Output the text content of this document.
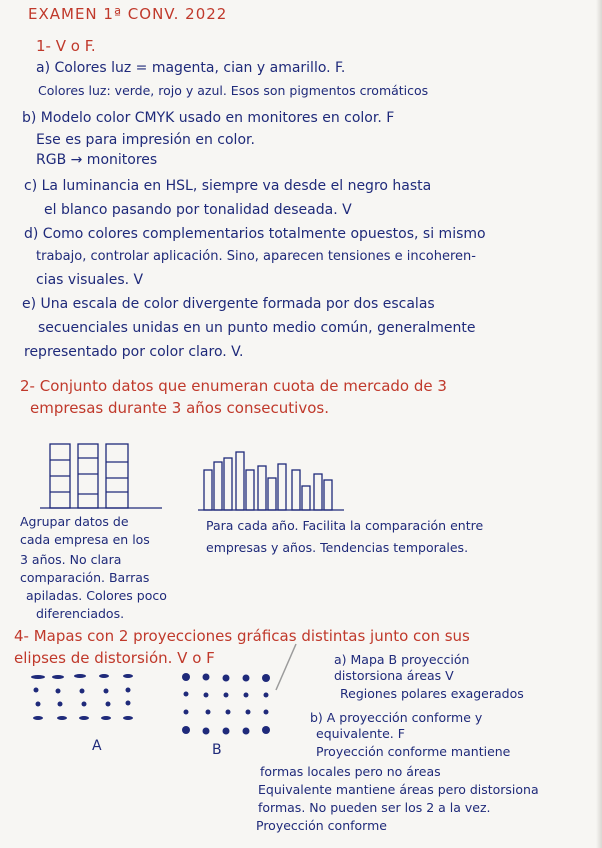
EXAMEN 1ª CONV. 2022
1- V o F.
a) Colores luz = magenta, cian y amarillo. F.
Colores luz: verde, rojo y azul. Esos son pigmentos cromáticos
b) Modelo color CMYK usado en monitores en color. F
Ese es para impresión en color.
RGB → monitores
c) La luminancia en HSL, siempre va desde el negro hasta
el blanco pasando por tonalidad deseada. V
d) Como colores complementarios totalmente opuestos, si mismo
trabajo, controlar aplicación. Sino, aparecen tensiones e incoheren-
cias visuales. V
e) Una escala de color divergente formada por dos escalas
secuenciales unidas en un punto medio común, generalmente
representado por color claro. V.
2- Conjunto datos que enumeran cuota de mercado de 3
empresas durante 3 años consecutivos.
Agrupar datos de
cada empresa en los
3 años. No clara
comparación. Barras
apiladas. Colores poco
diferenciados.
Para cada año. Facilita la comparación entre
empresas y años. Tendencias temporales.
4- Mapas con 2 proyecciones gráficas distintas junto con sus
elipses de distorsión. V o F
A	B
a) Mapa B proyección
distorsiona áreas V
Regiones polares exagerados
b) A proyección conforme y
equivalente. F
Proyección conforme mantiene
formas locales pero no áreas
Equivalente mantiene áreas pero distorsiona
formas. No pueden ser los 2 a la vez.
Proyección conforme
